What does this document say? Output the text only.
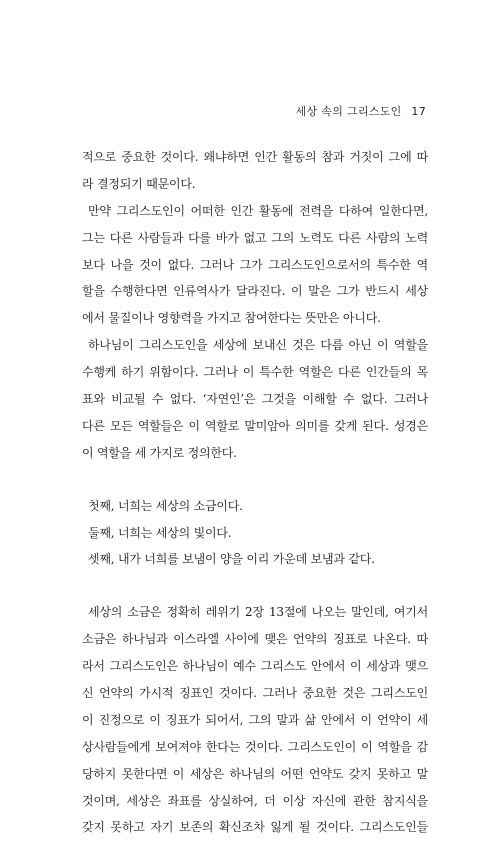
세상 속의 그리스도인 17
적으로 중요한 것이다. 왜냐하면 인간 활동의 참과 거짓이 그에 따
라 결정되기 때문이다.
만약 그리스도인이 어떠한 인간 활동에 전력을 다하여 일한다면,
그는 다른 사람들과 다를 바가 없고 그의 노력도 다른 사람의 노력
보다 나을 것이 없다. 그러나 그가 그리스도인으로서의 특수한 역
할을 수행한다면 인류역사가 달라진다. 이 말은 그가 반드시 세상
에서 물질이나 영향력을 가지고 참여한다는 뜻만은 아니다.
하나님이 그리스도인을 세상에 보내신 것은 다름 아닌 이 역할을
수행케 하기 위함이다. 그러나 이 특수한 역할은 다른 인간들의 목
표와 비교될 수 없다. ‘자연인’은 그것을 이해할 수 없다. 그러나
다른 모든 역할들은 이 역할로 말미암아 의미를 갖게 된다. 성경은
이 역할을 세 가지로 정의한다.
첫째, 너희는 세상의 소금이다.
둘째, 너희는 세상의 빛이다.
셋째, 내가 너희를 보냄이 양을 이리 가운데 보냄과 같다.
세상의 소금은 정확히 레위기 2장 13절에 나오는 말인데, 여기서
소금은 하나님과 이스라엘 사이에 맺은 언약의 징표로 나온다. 따
라서 그리스도인은 하나님이 예수 그리스도 안에서 이 세상과 맺으
신 언약의 가시적 징표인 것이다. 그러나 중요한 것은 그리스도인
이 진정으로 이 징표가 되어서, 그의 말과 삶 안에서 이 언약이 세
상사람들에게 보여져야 한다는 것이다. 그리스도인이 이 역할을 감
당하지 못한다면 이 세상은 하나님의 어떤 언약도 갖지 못하고 말
것이며, 세상은 좌표를 상실하여, 더 이상 자신에 관한 참지식을
갖지 못하고 자기 보존의 확신조차 잃게 될 것이다. 그리스도인들
